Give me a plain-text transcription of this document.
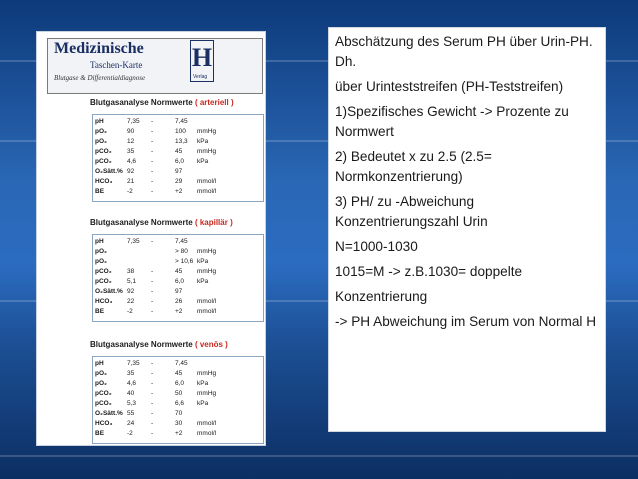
Medizinische
Taschen-Karte
Blutgase & Differentialdiagnose
H
Verlag
Blutgasanalyse Normwerte ( arteriell )
pH	7,35 -	7,45
pO₂	90	-	100 mmHg
pO₂	12	-	13,3 kPa
pCO₂	35	-	45 mmHg
pCO₂	4,6 -	6,0 kPa
O₂Sätt.% 92	-	97
HCO₃	21	-	29 mmol/l
BE	-2	-	+2 mmol/l
Blutgasanalyse Normwerte ( kapillär )
pH	7,35 -	7,45
pO₂	> 80 mmHg
pO₂	> 10,6 kPa
pCO₂	38	-	45 mmHg
pCO₂	5,1 -	6,0 kPa
O₂Sätt.% 92	-	97
HCO₃	22	-	26 mmol/l
BE	-2	-	+2 mmol/l
Blutgasanalyse Normwerte ( venös )
pH	7,35 -	7,45
pO₂	35	-	45 mmHg
pO₂	4,6 -	6,0 kPa
pCO₂	40	-	50 mmHg
pCO₂	5,3 -	6,6 kPa
O₂Sätt.% 55	-	70
HCO₃	24	-	30 mmol/l
BE	-2	-	+2 mmol/l

Abschätzung des Serum PH über Urin-PH. Dh.

über Urinteststreifen (PH-Teststreifen)

1)Spezifisches Gewicht -> Prozente zu Normwert

2) Bedeutet x zu 2.5 (2.5= Normkonzentrierung)

3) PH/ zu -Abweichung Konzentrierungszahl Urin

N=1000-1030

1015=M -> z.B.1030= doppelte

Konzentrierung

-> PH Abweichung im Serum von Normal H
